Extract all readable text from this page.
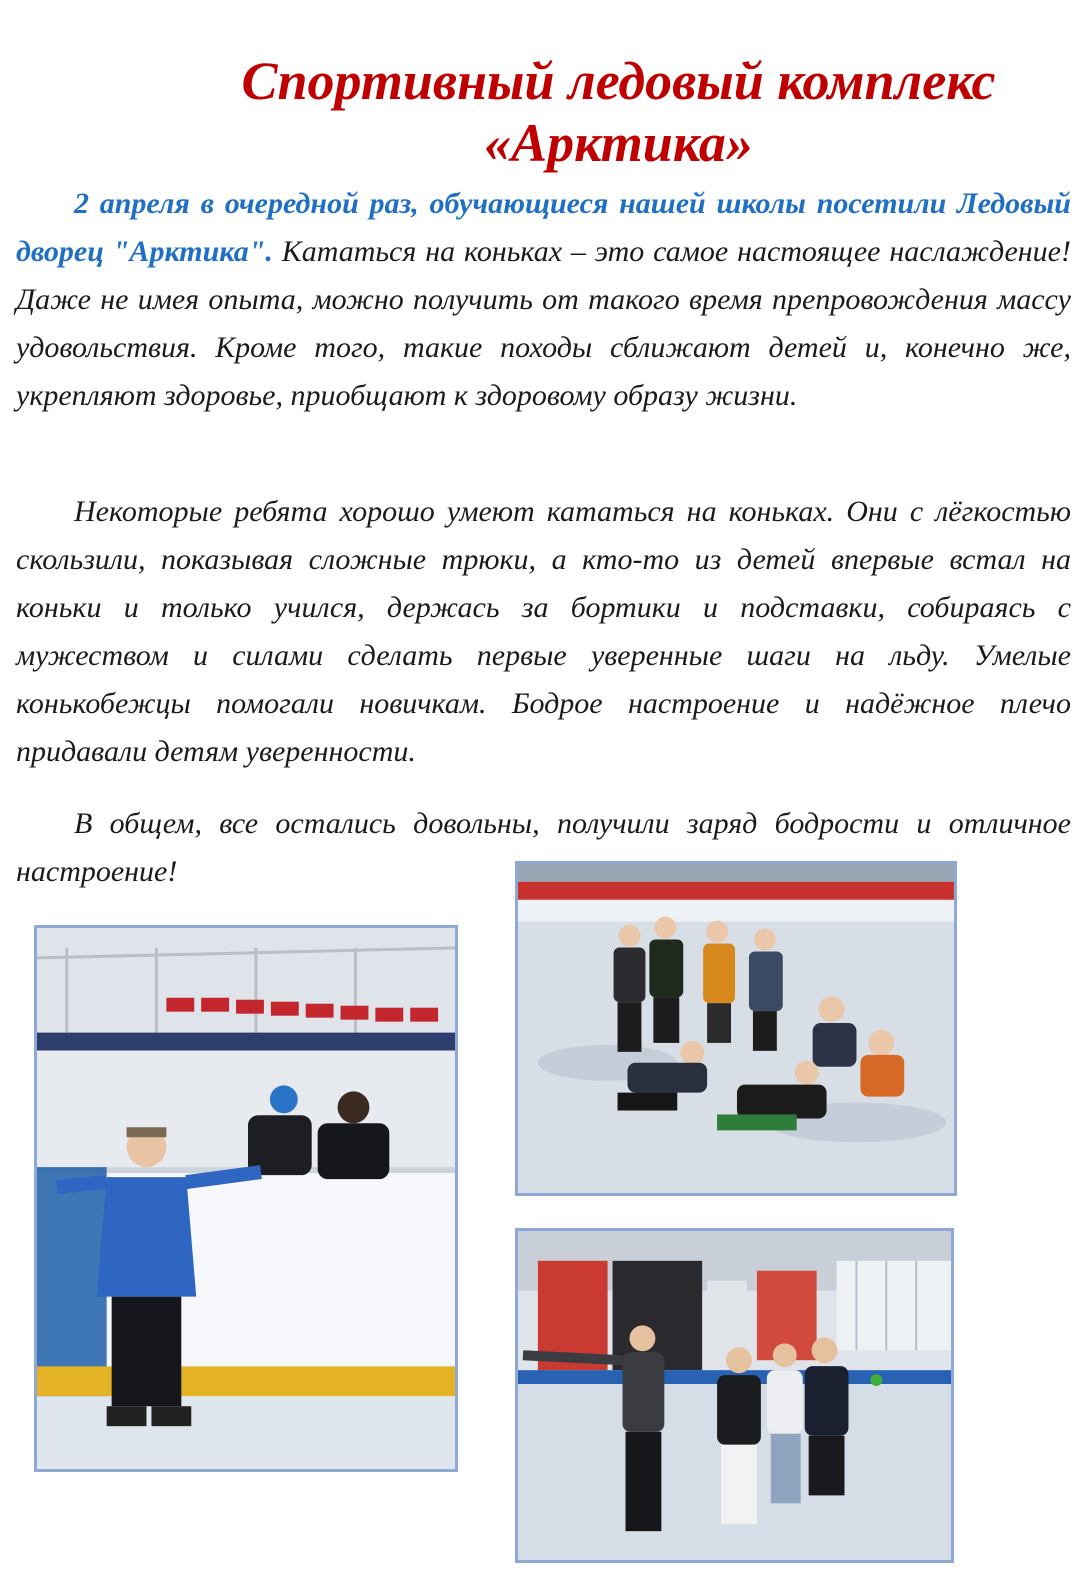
Спортивный ледовый комплекс
«Арктика»

2 апреля в очередной раз, обучающиеся нашей школы посетили Ледовый дворец "Арктика". Кататься на коньках – это самое настоящее наслаждение! Даже не имея опыта, можно получить от такого время препровождения массу удовольствия. Кроме того, такие походы сближают детей и, конечно же, укрепляют здоровье, приобщают к здоровому образу жизни.

Некоторые ребята хорошо умеют кататься на коньках. Они с лёгкостью скользили, показывая сложные трюки, а кто-то из детей впервые встал на коньки и только учился, держась за бортики и подставки, собираясь с мужеством и силами сделать первые уверенные шаги на льду. Умелые конькобежцы помогали новичкам. Бодрое настроение и надёжное плечо придавали детям уверенности.

В общем, все остались довольны, получили заряд бодрости и отличное настроение!
